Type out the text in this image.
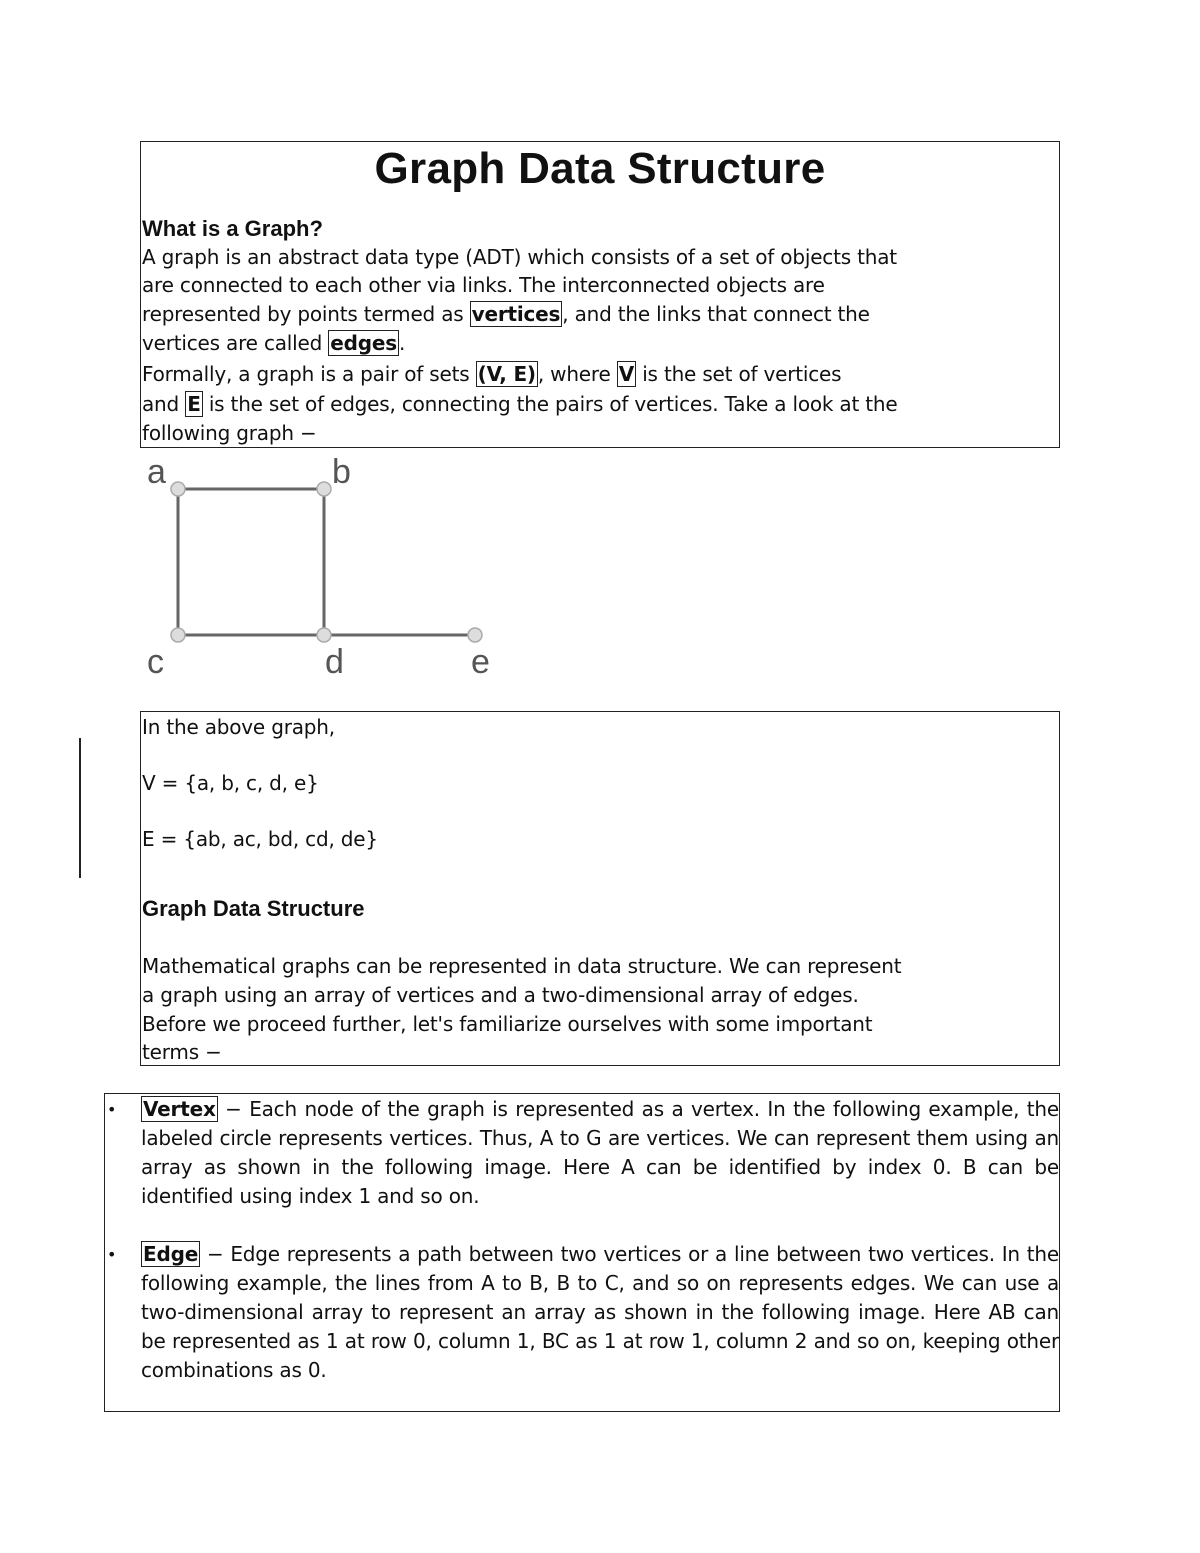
Graph Data Structure
What is a Graph?
A graph is an abstract data type (ADT) which consists of a set of objects that
are connected to each other via links. The interconnected objects are
represented by points termed as vertices , and the links that connect the
vertices are called edges .
Formally, a graph is a pair of sets (V, E) , where V is the set of vertices
and E is the set of edges, connecting the pairs of vertices. Take a look at the
following graph −
a	b
c	d	e
In the above graph,
V = {a, b, c, d, e}
E = {ab, ac, bd, cd, de}
Graph Data Structure
Mathematical graphs can be represented in data structure. We can represent
a graph using an array of vertices and a two-dimensional array of edges.
Before we proceed further, let's familiarize ourselves with some important
terms −
• Vertex − Each node of the graph is represented as a vertex. In the following example, the labeled circle represents vertices. Thus, A to G are vertices. We can represent them using an array as shown in the following image. Here A can be identified by index 0. B can be identified using index 1 and so on.
• Edge − Edge represents a path between two vertices or a line between two vertices. In the following example, the lines from A to B, B to C, and so on represents edges. We can use a two-dimensional array to represent an array as shown in the following image. Here AB can be represented as 1 at row 0, column 1, BC as 1 at row 1, column 2 and so on, keeping other combinations as 0.
